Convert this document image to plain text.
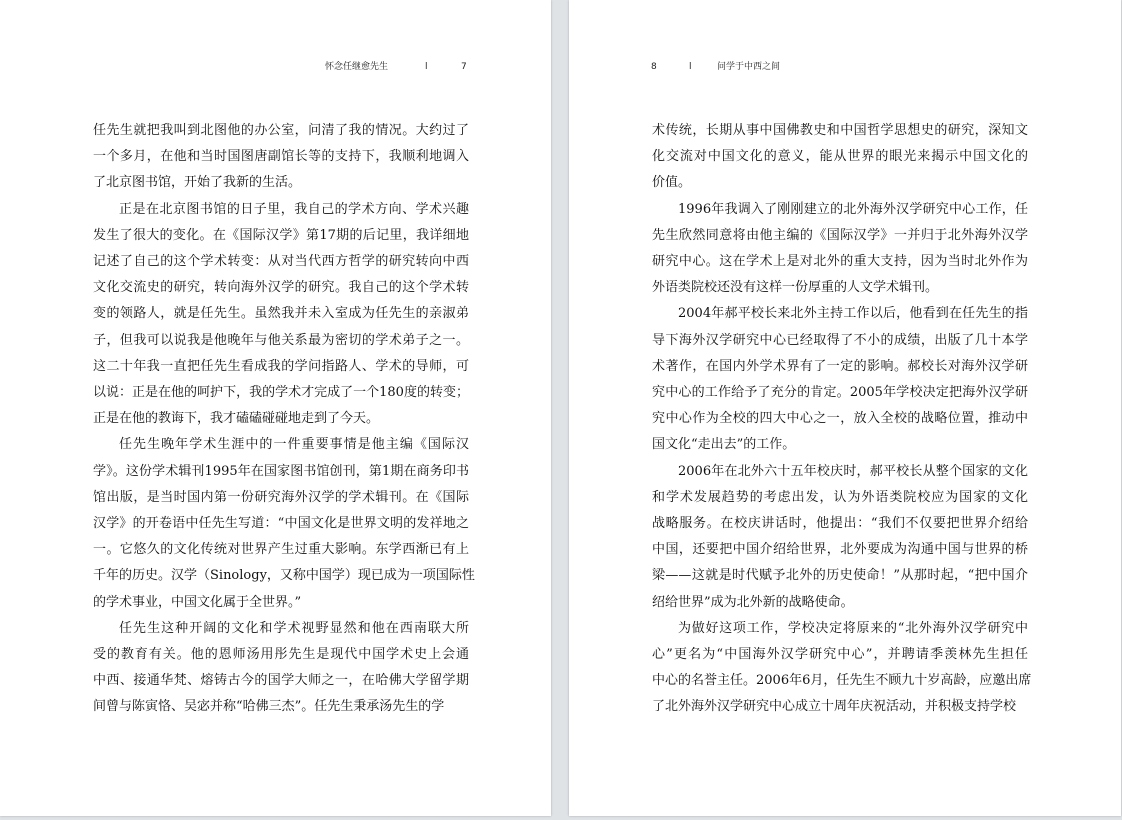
怀念任继愈先生	l	7
任先生就把我叫到北图他的办公室，问清了我的情况。大约过了
一个多月，在他和当时国图唐副馆长等的支持下，我顺利地调入
了北京图书馆，开始了我新的生活。
正是在北京图书馆的日子里，我自己的学术方向、学术兴趣
发生了很大的变化。在《国际汉学》第17期的后记里，我详细地
记述了自己的这个学术转变：从对当代西方哲学的研究转向中西
文化交流史的研究，转向海外汉学的研究。我自己的这个学术转
变的领路人，就是任先生。虽然我并未入室成为任先生的亲淑弟
子，但我可以说我是他晚年与他关系最为密切的学术弟子之一。
这二十年我一直把任先生看成我的学问指路人、学术的导师，可
以说：正是在他的呵护下，我的学术才完成了一个180度的转变；
正是在他的教诲下，我才磕磕碰碰地走到了今天。
任先生晚年学术生涯中的一件重要事情是他主编《国际汉
学》。这份学术辑刊1995年在国家图书馆创刊，第1期在商务印书
馆出版，是当时国内第一份研究海外汉学的学术辑刊。在《国际
汉学》的开卷语中任先生写道：“中国文化是世界文明的发祥地之
一。它悠久的文化传统对世界产生过重大影响。东学西渐已有上
千年的历史。汉学（Sinology，又称中国学）现已成为一项国际性
的学术事业，中国文化属于全世界。”
任先生这种开阔的文化和学术视野显然和他在西南联大所
受的教育有关。他的恩师汤用彤先生是现代中国学术史上会通
中西、接通华梵、熔铸古今的国学大师之一，在哈佛大学留学期
间曾与陈寅恪、吴宓并称“哈佛三杰”。任先生秉承汤先生的学
8	l	问学于中西之间
术传统，长期从事中国佛教史和中国哲学思想史的研究，深知文
化交流对中国文化的意义，能从世界的眼光来揭示中国文化的
价值。
1996年我调入了刚刚建立的北外海外汉学研究中心工作，任
先生欣然同意将由他主编的《国际汉学》一并归于北外海外汉学
研究中心。这在学术上是对北外的重大支持，因为当时北外作为
外语类院校还没有这样一份厚重的人文学术辑刊。
2004年郝平校长来北外主持工作以后，他看到在任先生的指
导下海外汉学研究中心已经取得了不小的成绩，出版了几十本学
术著作，在国内外学术界有了一定的影响。郝校长对海外汉学研
究中心的工作给予了充分的肯定。2005年学校决定把海外汉学研
究中心作为全校的四大中心之一，放入全校的战略位置，推动中
国文化“走出去”的工作。
2006年在北外六十五年校庆时，郝平校长从整个国家的文化
和学术发展趋势的考虑出发，认为外语类院校应为国家的文化
战略服务。在校庆讲话时，他提出：“我们不仅要把世界介绍给
中国，还要把中国介绍给世界，北外要成为沟通中国与世界的桥
梁——这就是时代赋予北外的历史使命！”从那时起，“把中国介
绍给世界”成为北外新的战略使命。
为做好这项工作，学校决定将原来的“北外海外汉学研究中
心”更名为“中国海外汉学研究中心”，并聘请季羡林先生担任
中心的名誉主任。2006年6月，任先生不顾九十岁高龄，应邀出席
了北外海外汉学研究中心成立十周年庆祝活动，并积极支持学校
